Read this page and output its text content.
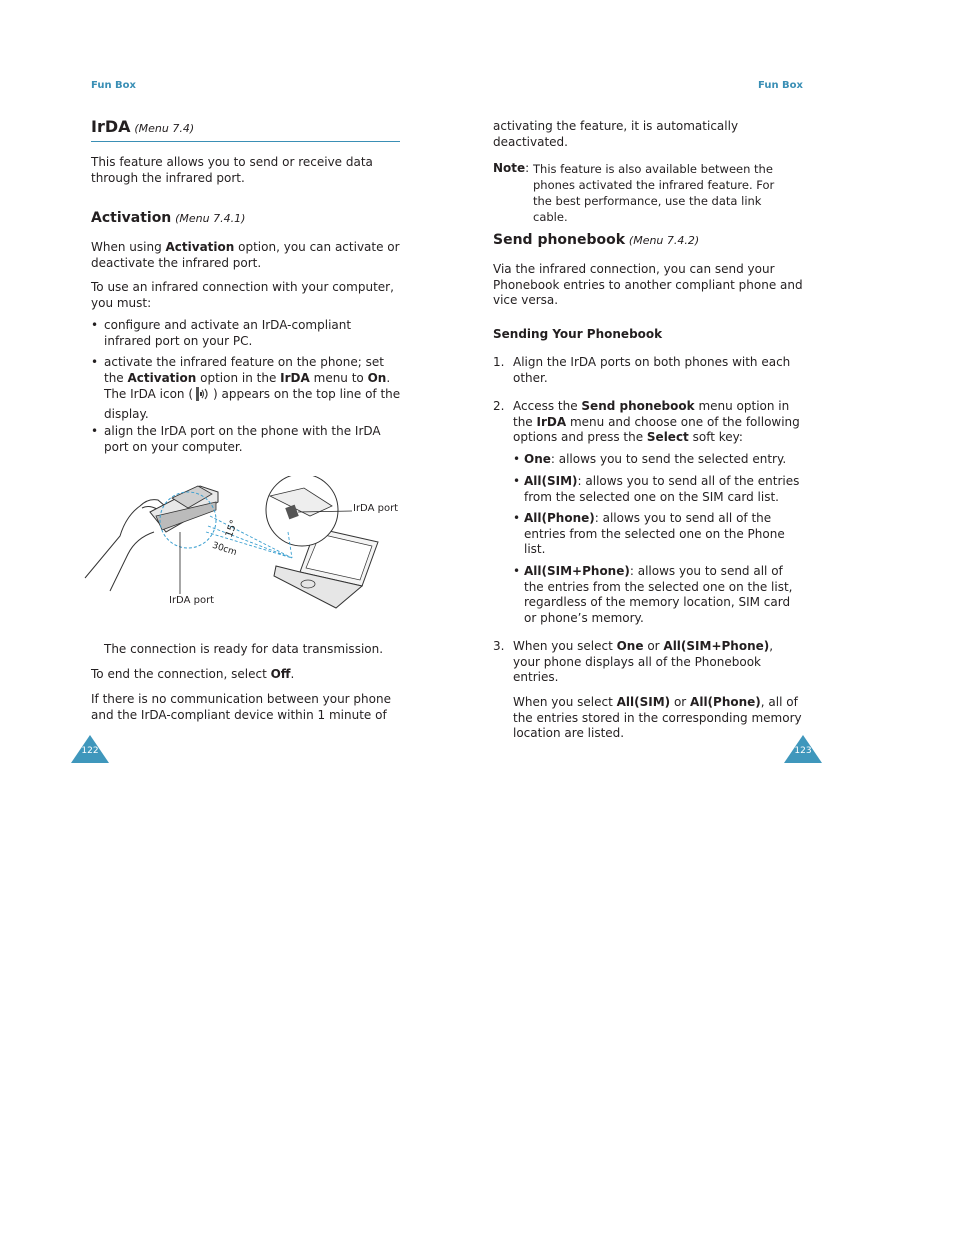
Fun Box	Fun Box
IrDA (Menu 7.4)

This feature allows you to send or receive data through the infrared port.

Activation (Menu 7.4.1)

When using Activation option, you can activate or deactivate the infrared port.

To use an infrared connection with your computer, you must:

• configure and activate an IrDA-compliant infrared port on your PC.

• activate the infrared feature on the phone; set the Activation option in the IrDA menu to On. The IrDA icon ( ) appears on the top line of the display.

• align the IrDA port on the phone with the IrDA port on your computer.

15°
30cm
IrDA port
IrDA port

The connection is ready for data transmission.

To end the connection, select Off.

If there is no communication between your phone and the IrDA-compliant device within 1 minute of

122

activating the feature, it is automatically deactivated.

Note: This feature is also available between the phones activated the infrared feature. For the best performance, use the data link cable.
Send phonebook (Menu 7.4.2)

Via the infrared connection, you can send your Phonebook entries to another compliant phone and vice versa.

Sending Your Phonebook
1. Align the IrDA ports on both phones with each other.

2. Access the Send phonebook menu option in the IrDA menu and choose one of the following options and press the Select soft key:

• One: allows you to send the selected entry.

• All(SIM): allows you to send all of the entries from the selected one on the SIM card list.

• All(Phone): allows you to send all of the entries from the selected one on the Phone list.

• All(SIM+Phone): allows you to send all of the entries from the selected one on the list, regardless of the memory location, SIM card or phone’s memory.

3. When you select One or All(SIM+Phone), your phone displays all of the Phonebook entries.

When you select All(SIM) or All(Phone), all of the entries stored in the corresponding memory location are listed.

123
